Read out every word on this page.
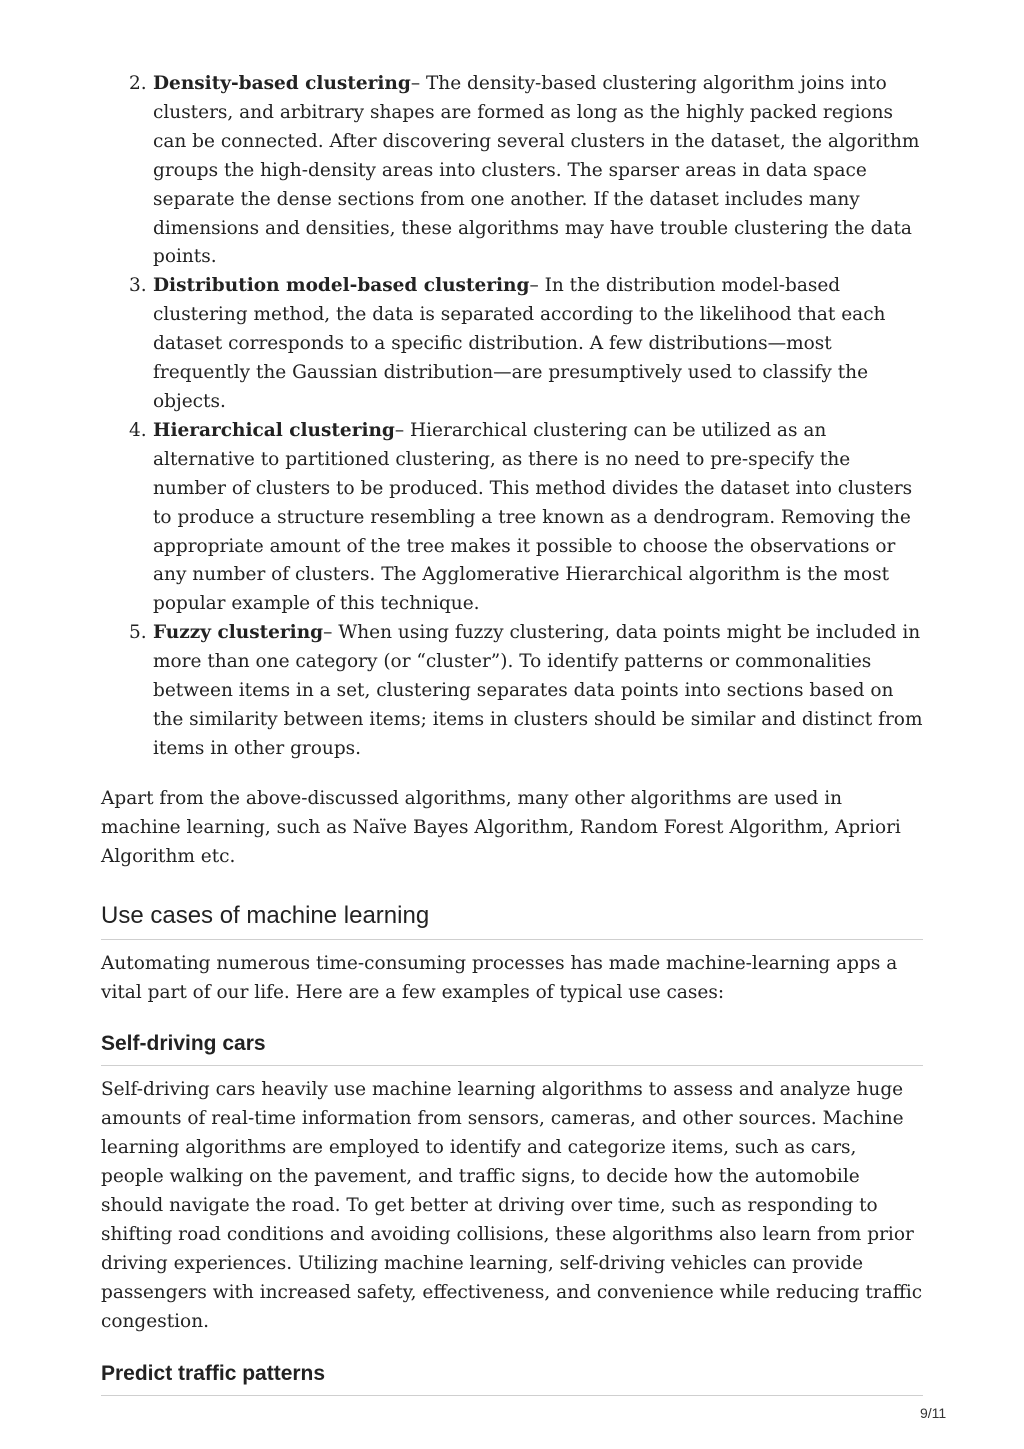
2. Density-based clustering– The density-based clustering algorithm joins into clusters, and arbitrary shapes are formed as long as the highly packed regions can be connected. After discovering several clusters in the dataset, the algorithm groups the high-density areas into clusters. The sparser areas in data space separate the dense sections from one another. If the dataset includes many dimensions and densities, these algorithms may have trouble clustering the data points.
3. Distribution model-based clustering– In the distribution model-based clustering method, the data is separated according to the likelihood that each dataset corresponds to a specific distribution. A few distributions—most frequently the Gaussian distribution—are presumptively used to classify the objects.
4. Hierarchical clustering– Hierarchical clustering can be utilized as an alternative to partitioned clustering, as there is no need to pre-specify the number of clusters to be produced. This method divides the dataset into clusters to produce a structure resembling a tree known as a dendrogram. Removing the appropriate amount of the tree makes it possible to choose the observations or any number of clusters. The Agglomerative Hierarchical algorithm is the most popular example of this technique.
5. Fuzzy clustering– When using fuzzy clustering, data points might be included in more than one category (or “cluster”). To identify patterns or commonalities between items in a set, clustering separates data points into sections based on the similarity between items; items in clusters should be similar and distinct from items in other groups.

Apart from the above-discussed algorithms, many other algorithms are used in machine learning, such as Naïve Bayes Algorithm, Random Forest Algorithm, Apriori Algorithm etc.

Use cases of machine learning

Automating numerous time-consuming processes has made machine-learning apps a vital part of our life. Here are a few examples of typical use cases:

Self-driving cars

Self-driving cars heavily use machine learning algorithms to assess and analyze huge amounts of real-time information from sensors, cameras, and other sources. Machine learning algorithms are employed to identify and categorize items, such as cars, people walking on the pavement, and traffic signs, to decide how the automobile should navigate the road. To get better at driving over time, such as responding to shifting road conditions and avoiding collisions, these algorithms also learn from prior driving experiences. Utilizing machine learning, self-driving vehicles can provide passengers with increased safety, effectiveness, and convenience while reducing traffic congestion.

Predict traffic patterns
9/11
